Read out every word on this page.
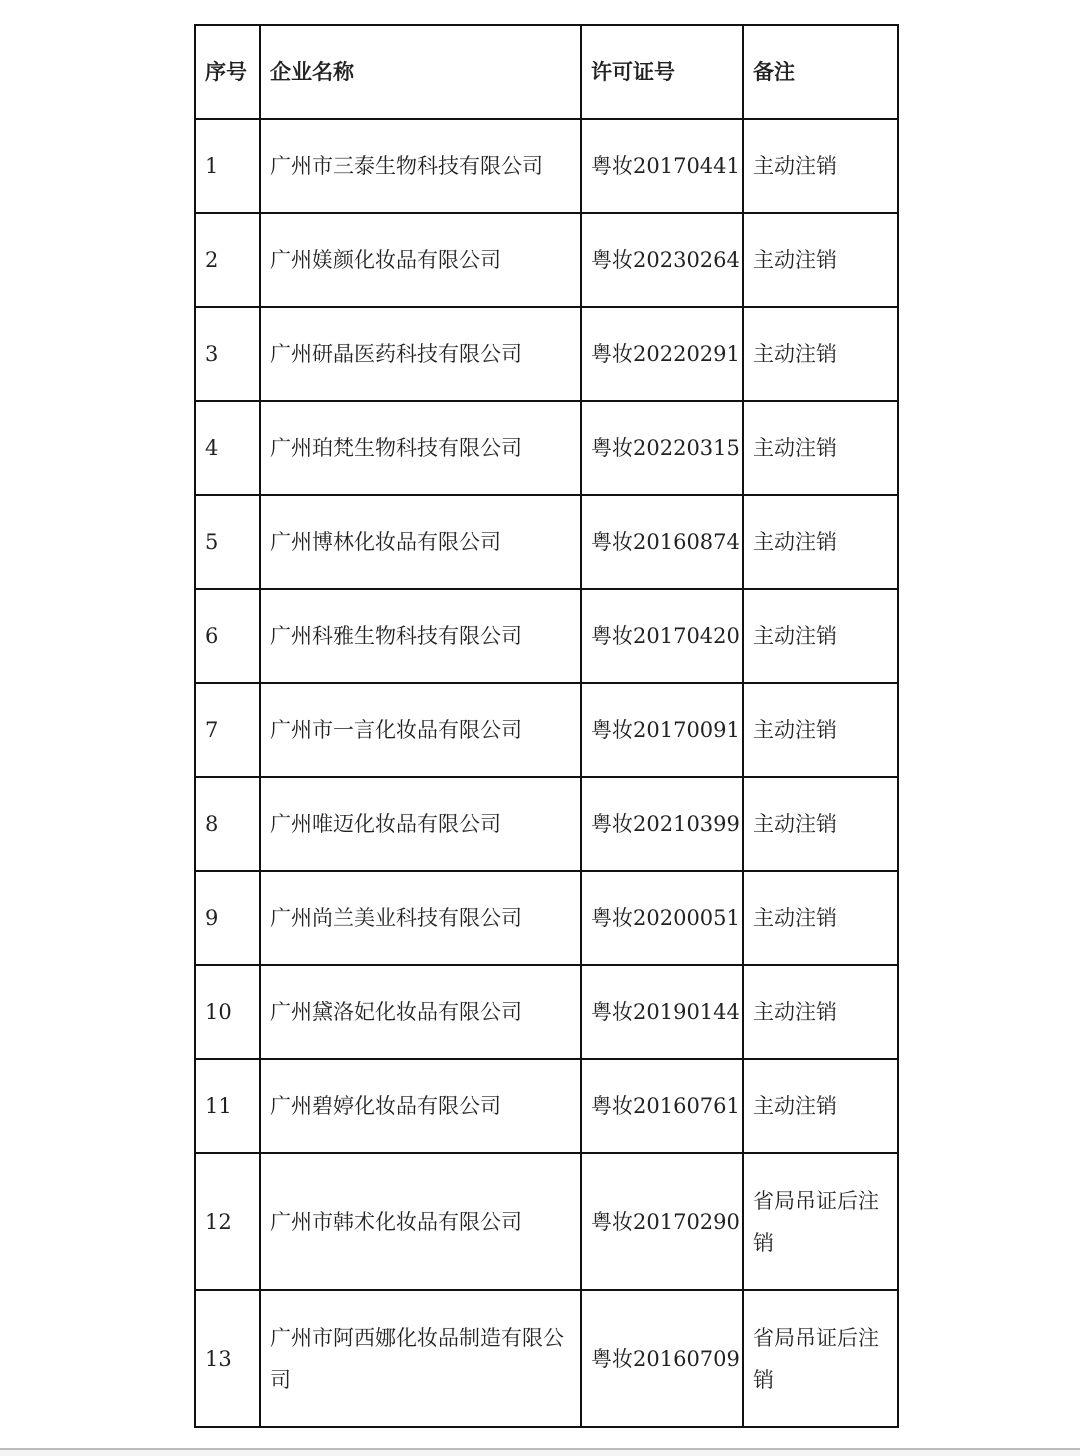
序号	企业名称	许可证号	备注
1	广州市三泰生物科技有限公司	粤妆20170441	主动注销
2	广州媄颜化妆品有限公司	粤妆20230264	主动注销
3	广州研晶医药科技有限公司	粤妆20220291	主动注销
4	广州珀梵生物科技有限公司	粤妆20220315	主动注销
5	广州博林化妆品有限公司	粤妆20160874	主动注销
6	广州科雅生物科技有限公司	粤妆20170420	主动注销
7	广州市一言化妆品有限公司	粤妆20170091	主动注销
8	广州唯迈化妆品有限公司	粤妆20210399	主动注销
9	广州尚兰美业科技有限公司	粤妆20200051	主动注销
10	广州黛洛妃化妆品有限公司	粤妆20190144	主动注销
11	广州碧婷化妆品有限公司	粤妆20160761	主动注销
12	广州市韩术化妆品有限公司	粤妆20170290	省局吊证后注销
13	广州市阿西娜化妆品制造有限公司	粤妆20160709	省局吊证后注销
